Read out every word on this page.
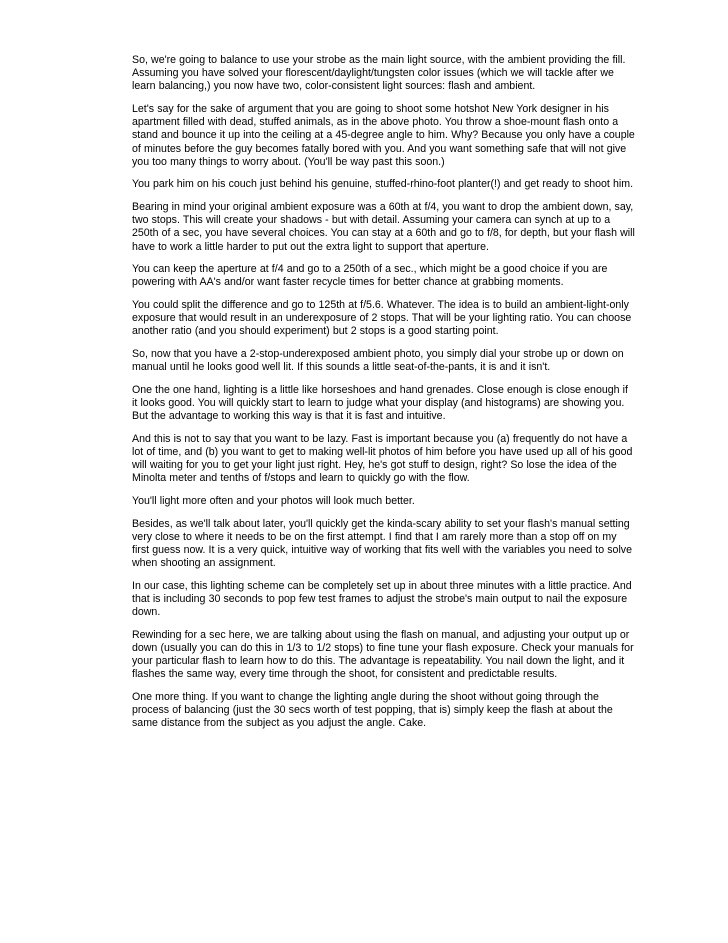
So, we're going to balance to use your strobe as the main light source, with the ambient providing the fill. Assuming you have solved your florescent/daylight/tungsten color issues (which we will tackle after we learn balancing,) you now have two, color-consistent light sources: flash and ambient.

Let's say for the sake of argument that you are going to shoot some hotshot New York designer in his apartment filled with dead, stuffed animals, as in the above photo. You throw a shoe-mount flash onto a stand and bounce it up into the ceiling at a 45-degree angle to him. Why? Because you only have a couple of minutes before the guy becomes fatally bored with you. And you want something safe that will not give you too many things to worry about. (You'll be way past this soon.)

You park him on his couch just behind his genuine, stuffed-rhino-foot planter(!) and get ready to shoot him.

Bearing in mind your original ambient exposure was a 60th at f/4, you want to drop the ambient down, say, two stops. This will create your shadows - but with detail. Assuming your camera can synch at up to a 250th of a sec, you have several choices. You can stay at a 60th and go to f/8, for depth, but your flash will have to work a little harder to put out the extra light to support that aperture.

You can keep the aperture at f/4 and go to a 250th of a sec., which might be a good choice if you are powering with AA's and/or want faster recycle times for better chance at grabbing moments.

You could split the difference and go to 125th at f/5.6. Whatever. The idea is to build an ambient-light-only exposure that would result in an underexposure of 2 stops. That will be your lighting ratio. You can choose another ratio (and you should experiment) but 2 stops is a good starting point.

So, now that you have a 2-stop-underexposed ambient photo, you simply dial your strobe up or down on manual until he looks good well lit. If this sounds a little seat-of-the-pants, it is and it isn't.

One the one hand, lighting is a little like horseshoes and hand grenades. Close enough is close enough if it looks good. You will quickly start to learn to judge what your display (and histograms) are showing you. But the advantage to working this way is that it is fast and intuitive.

And this is not to say that you want to be lazy. Fast is important because you (a) frequently do not have a lot of time, and (b) you want to get to making well-lit photos of him before you have used up all of his good will waiting for you to get your light just right. Hey, he's got stuff to design, right? So lose the idea of the Minolta meter and tenths of f/stops and learn to quickly go with the flow.

You'll light more often and your photos will look much better.

Besides, as we'll talk about later, you'll quickly get the kinda-scary ability to set your flash's manual setting very close to where it needs to be on the first attempt. I find that I am rarely more than a stop off on my first guess now. It is a very quick, intuitive way of working that fits well with the variables you need to solve when shooting an assignment.

In our case, this lighting scheme can be completely set up in about three minutes with a little practice. And that is including 30 seconds to pop few test frames to adjust the strobe's main output to nail the exposure down.

Rewinding for a sec here, we are talking about using the flash on manual, and adjusting your output up or down (usually you can do this in 1/3 to 1/2 stops) to fine tune your flash exposure. Check your manuals for your particular flash to learn how to do this. The advantage is repeatability. You nail down the light, and it flashes the same way, every time through the shoot, for consistent and predictable results.

One more thing. If you want to change the lighting angle during the shoot without going through the process of balancing (just the 30 secs worth of test popping, that is) simply keep the flash at about the same distance from the subject as you adjust the angle. Cake.
